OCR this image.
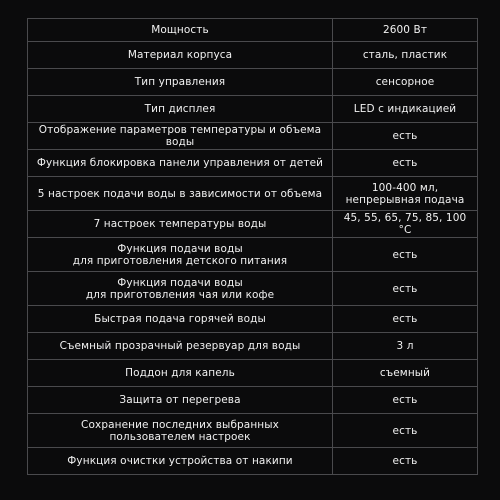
Мощность	2600 Вт
Материал корпуса	сталь, пластик
Тип управления	сенсорное
Тип дисплея	LED с индикацией
Отображение параметров температуры и объема воды	есть
Функция блокировка панели управления от детей	есть
5 настроек подачи воды в зависимости от объема	100-400 мл,
непрерывная подача
7 настроек температуры воды	45, 55, 65, 75, 85, 100 °С
Функция подачи воды
для приготовления детского питания	есть
Функция подачи воды
для приготовления чая или кофе	есть
Быстрая подача горячей воды	есть
Съемный прозрачный резервуар для воды	3 л
Поддон для капель	съемный
Защита от перегрева	есть
Сохранение последних выбранных
пользователем настроек	есть
Функция очистки устройства от накипи	есть
